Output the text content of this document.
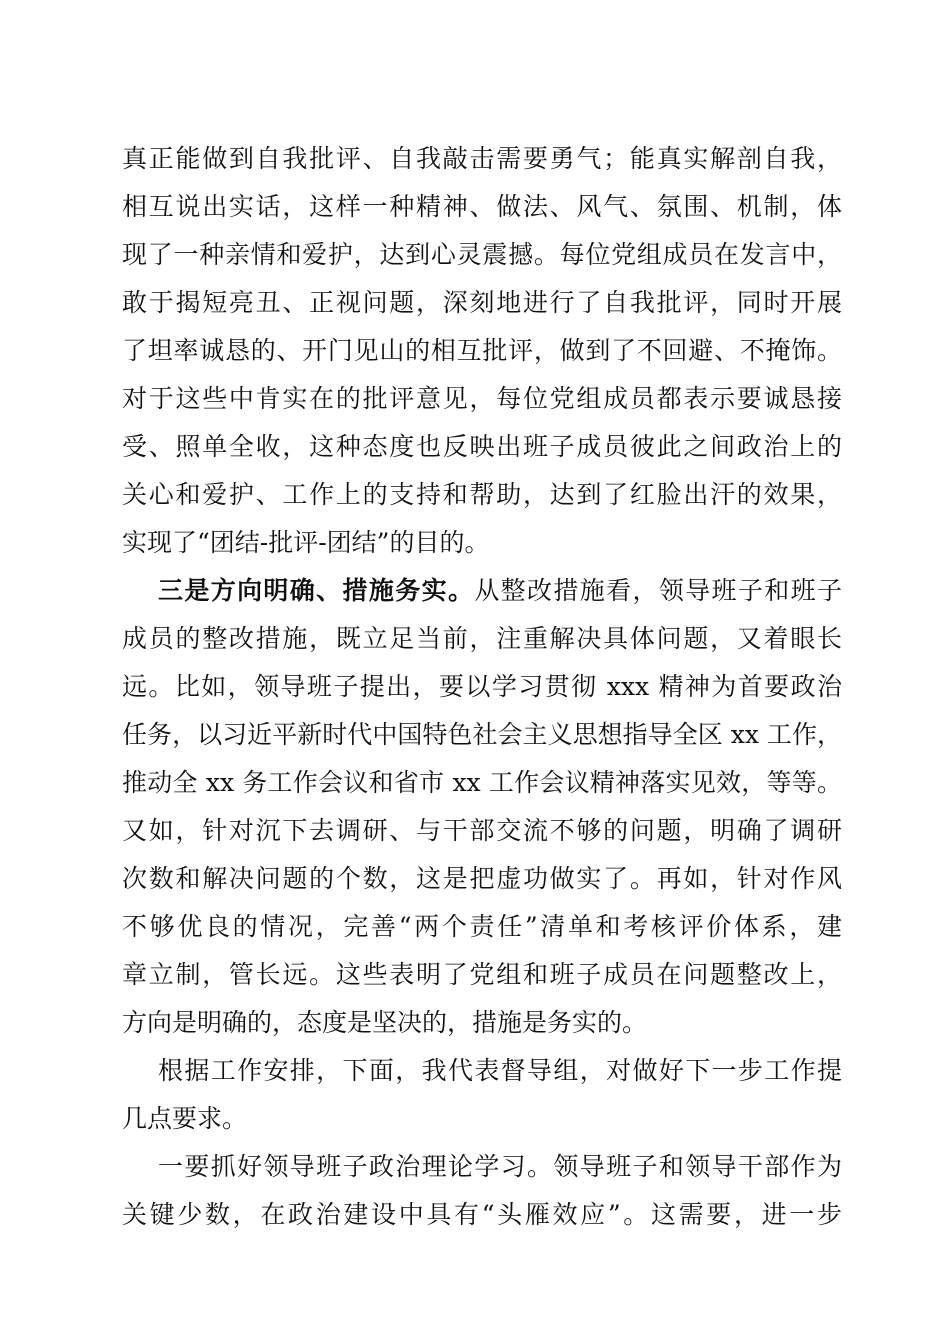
真正能做到自我批评、自我敲击需要勇气；能真实解剖自我，
相互说出实话，这样一种精神、做法、风气、氛围、机制，体
现了一种亲情和爱护，达到心灵震撼。每位党组成员在发言中，
敢于揭短亮丑、正视问题，深刻地进行了自我批评，同时开展
了坦率诚恳的、开门见山的相互批评，做到了不回避、不掩饰。
对于这些中肯实在的批评意见，每位党组成员都表示要诚恳接
受、照单全收，这种态度也反映出班子成员彼此之间政治上的
关心和爱护、工作上的支持和帮助，达到了红脸出汗的效果，
实现了“团结-批评-团结”的目的。
三是方向明确、措施务实。从整改措施看，领导班子和班子
成员的整改措施，既立足当前，注重解决具体问题，又着眼长
远。比如，领导班子提出，要以学习贯彻 xxx 精神为首要政治
任务，以习近平新时代中国特色社会主义思想指导全区 xx 工作，
推动全 xx 务工作会议和省市 xx 工作会议精神落实见效，等等。
又如，针对沉下去调研、与干部交流不够的问题，明确了调研
次数和解决问题的个数，这是把虚功做实了。再如，针对作风
不够优良的情况，完善“两个责任”清单和考核评价体系，建
章立制，管长远。这些表明了党组和班子成员在问题整改上，
方向是明确的，态度是坚决的，措施是务实的。
根据工作安排，下面，我代表督导组，对做好下一步工作提
几点要求。
一要抓好领导班子政治理论学习。领导班子和领导干部作为
关键少数，在政治建设中具有“头雁效应”。这需要，进一步
